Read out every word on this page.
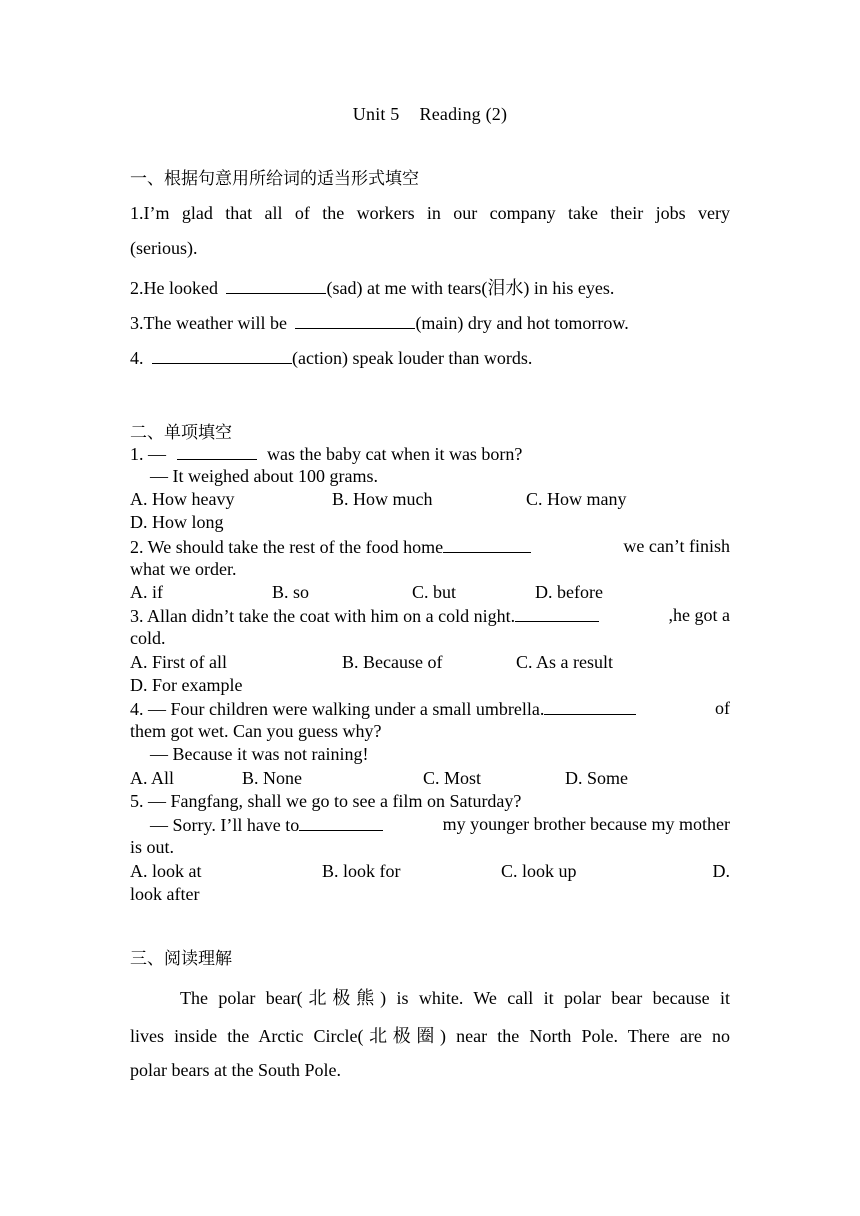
Unit 5 Reading (2)
一、根据句意用所给词的适当形式填空
1.I’m glad that all of the workers in our company take their jobs very
(serious).
2.He looked	(sad) at me with tears(泪水) in his eyes.
3.The weather will be	(main) dry and hot tomorrow.
4.	(action) speak louder than words.
二、单项填空
1. —	was the baby cat when it was born?
— It weighed about 100 grams.
A. How heavy	B. How much	C. How many
D. How long
2. We should take the rest of the food home	we can’t finish
what we order.
A. if	B. so	C. but	D. before
3. Allan didn’t take the coat with him on a cold night.	,he got a
cold.
A. First of all	B. Because of	C. As a result
D. For example
4. — Four children were walking under a small umbrella.	of
them got wet. Can you guess why?
— Because it was not raining!
A. All	B. None	C. Most	D. Some
5. — Fangfang, shall we go to see a film on Saturday?
— Sorry. I’ll have to	my younger brother because my mother
is out.
A. look at	B. look for	C. look up	D.
look after
三、阅读理解
The polar bear(北极熊) is white. We call it polar bear because it
lives inside the Arctic Circle(北极圈) near the North Pole. There are no
polar bears at the South Pole.
